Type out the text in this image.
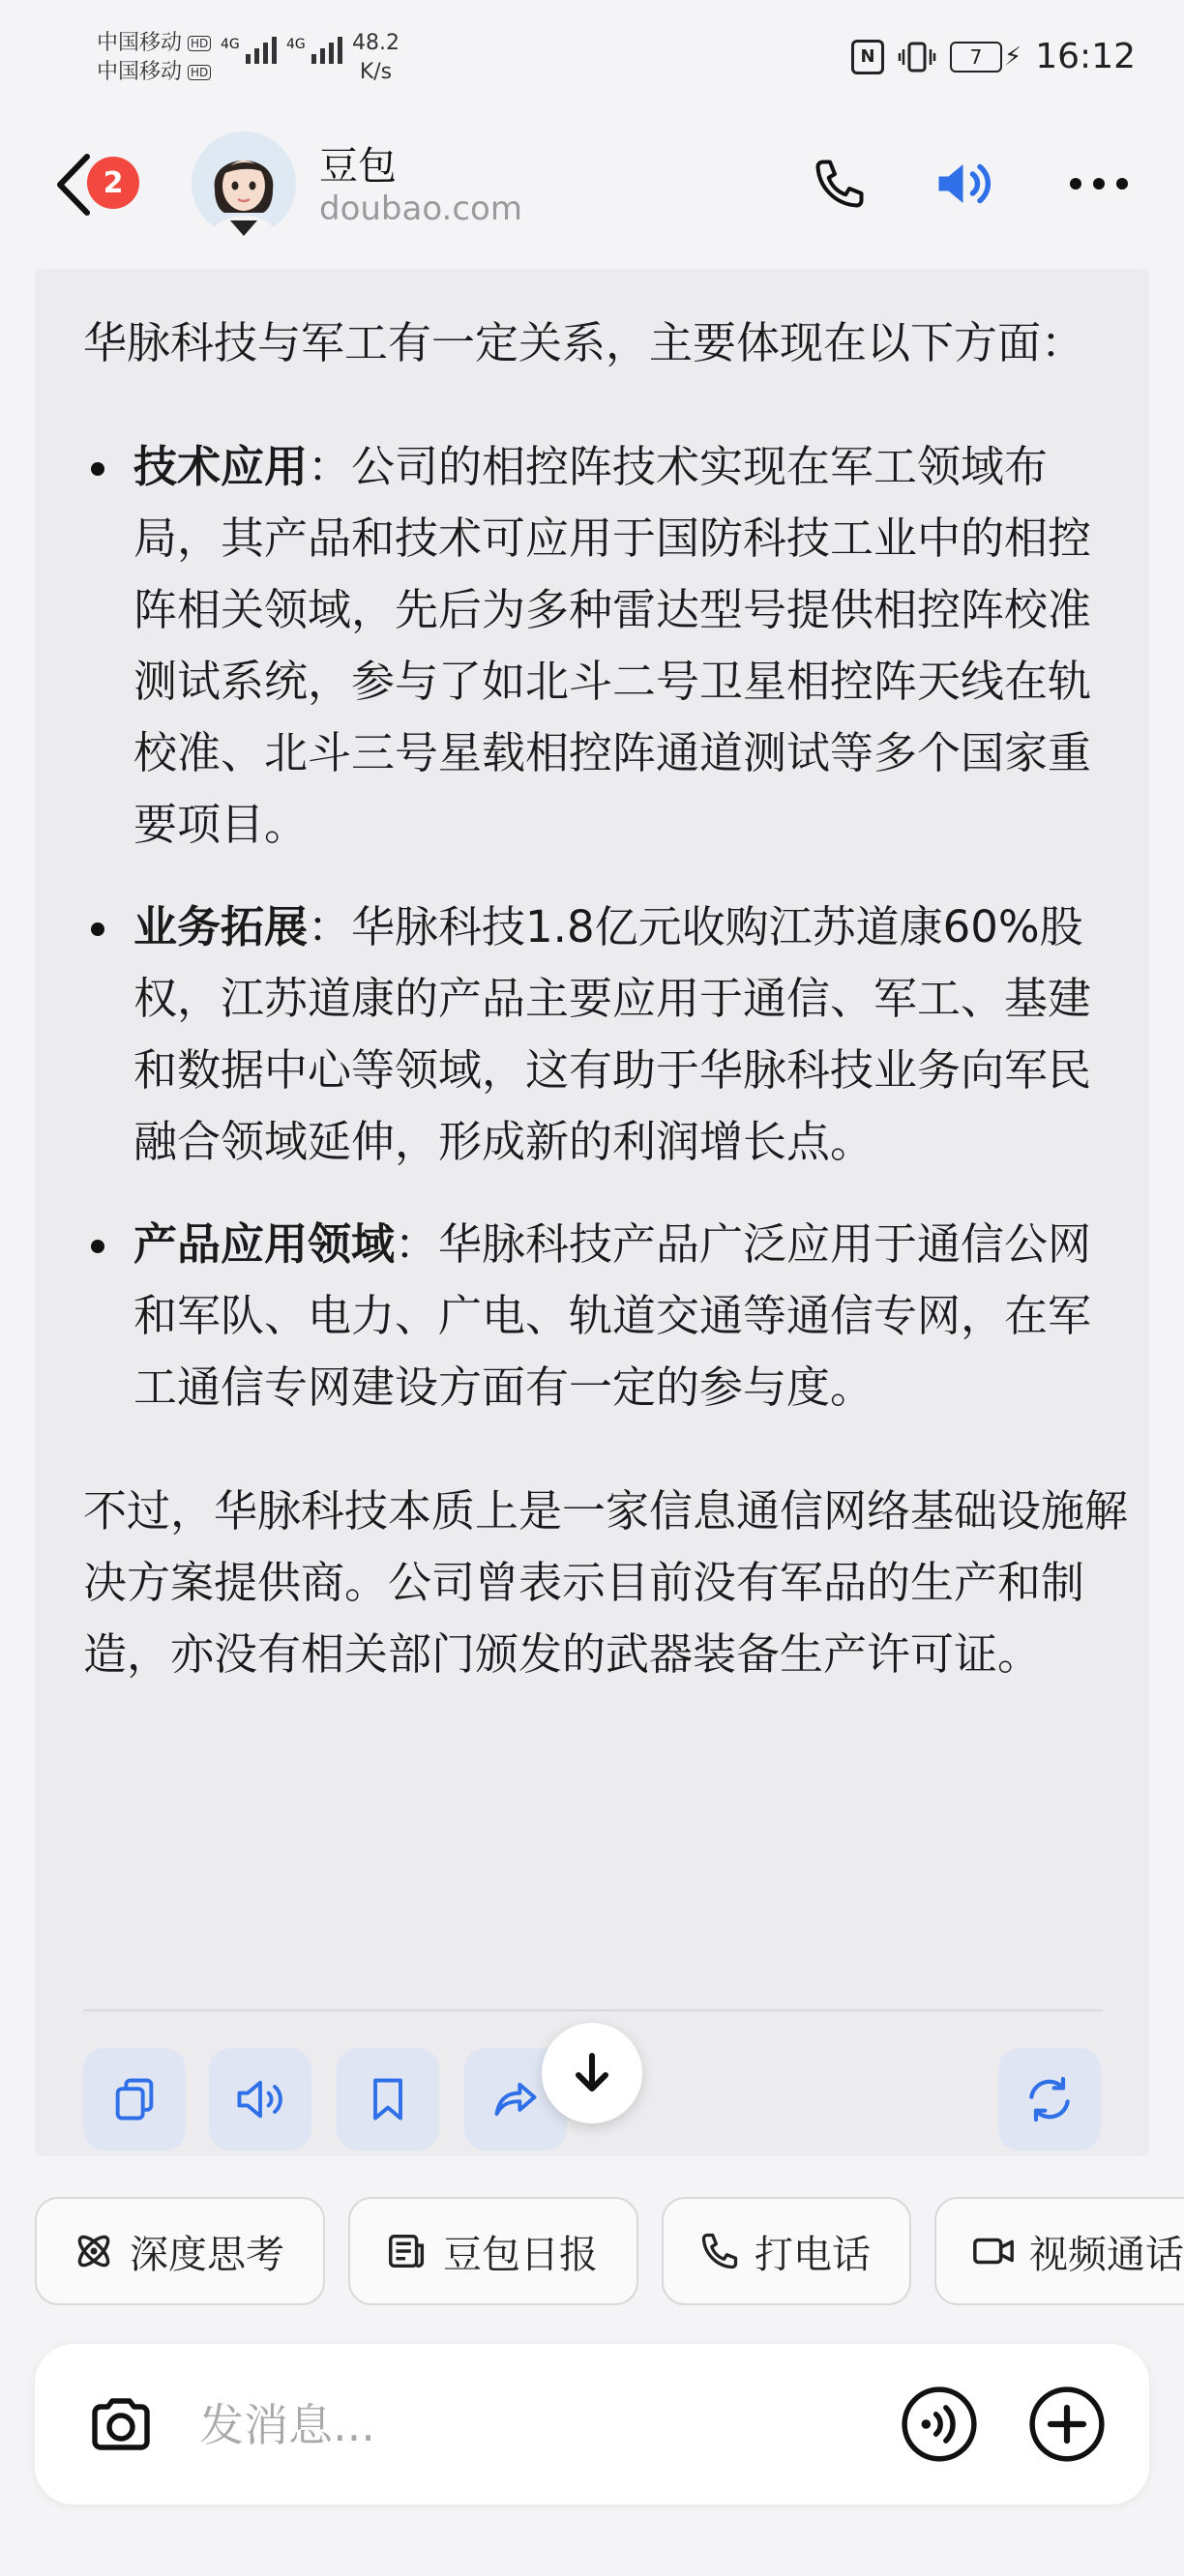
中国移动 HD
中国移动 HD
4G	4G 48.2
K/s
N	7 ⚡ 16:12
2	豆包
doubao.com

华脉科技与军工有一定关系，主要体现在以下方面：

技术应用：公司的相控阵技术实现在军工领域布局，其产品和技术可应用于国防科技工业中的相控阵相关领域，先后为多种雷达型号提供相控阵校准测试系统，参与了如北斗二号卫星相控阵天线在轨校准、北斗三号星载相控阵通道测试等多个国家重要项目。
业务拓展：华脉科技1.8亿元收购江苏道康60%股权，江苏道康的产品主要应用于通信、军工、基建和数据中心等领域，这有助于华脉科技业务向军民融合领域延伸，形成新的利润增长点。
产品应用领域：华脉科技产品广泛应用于通信公网和军队、电力、广电、轨道交通等通信专网，在军工通信专网建设方面有一定的参与度。

不过，华脉科技本质上是一家信息通信网络基础设施解决方案提供商。公司曾表示目前没有军品的生产和制造，亦没有相关部门颁发的武器装备生产许可证。

深度思考	豆包日报	打电话	视频通话
发消息...
